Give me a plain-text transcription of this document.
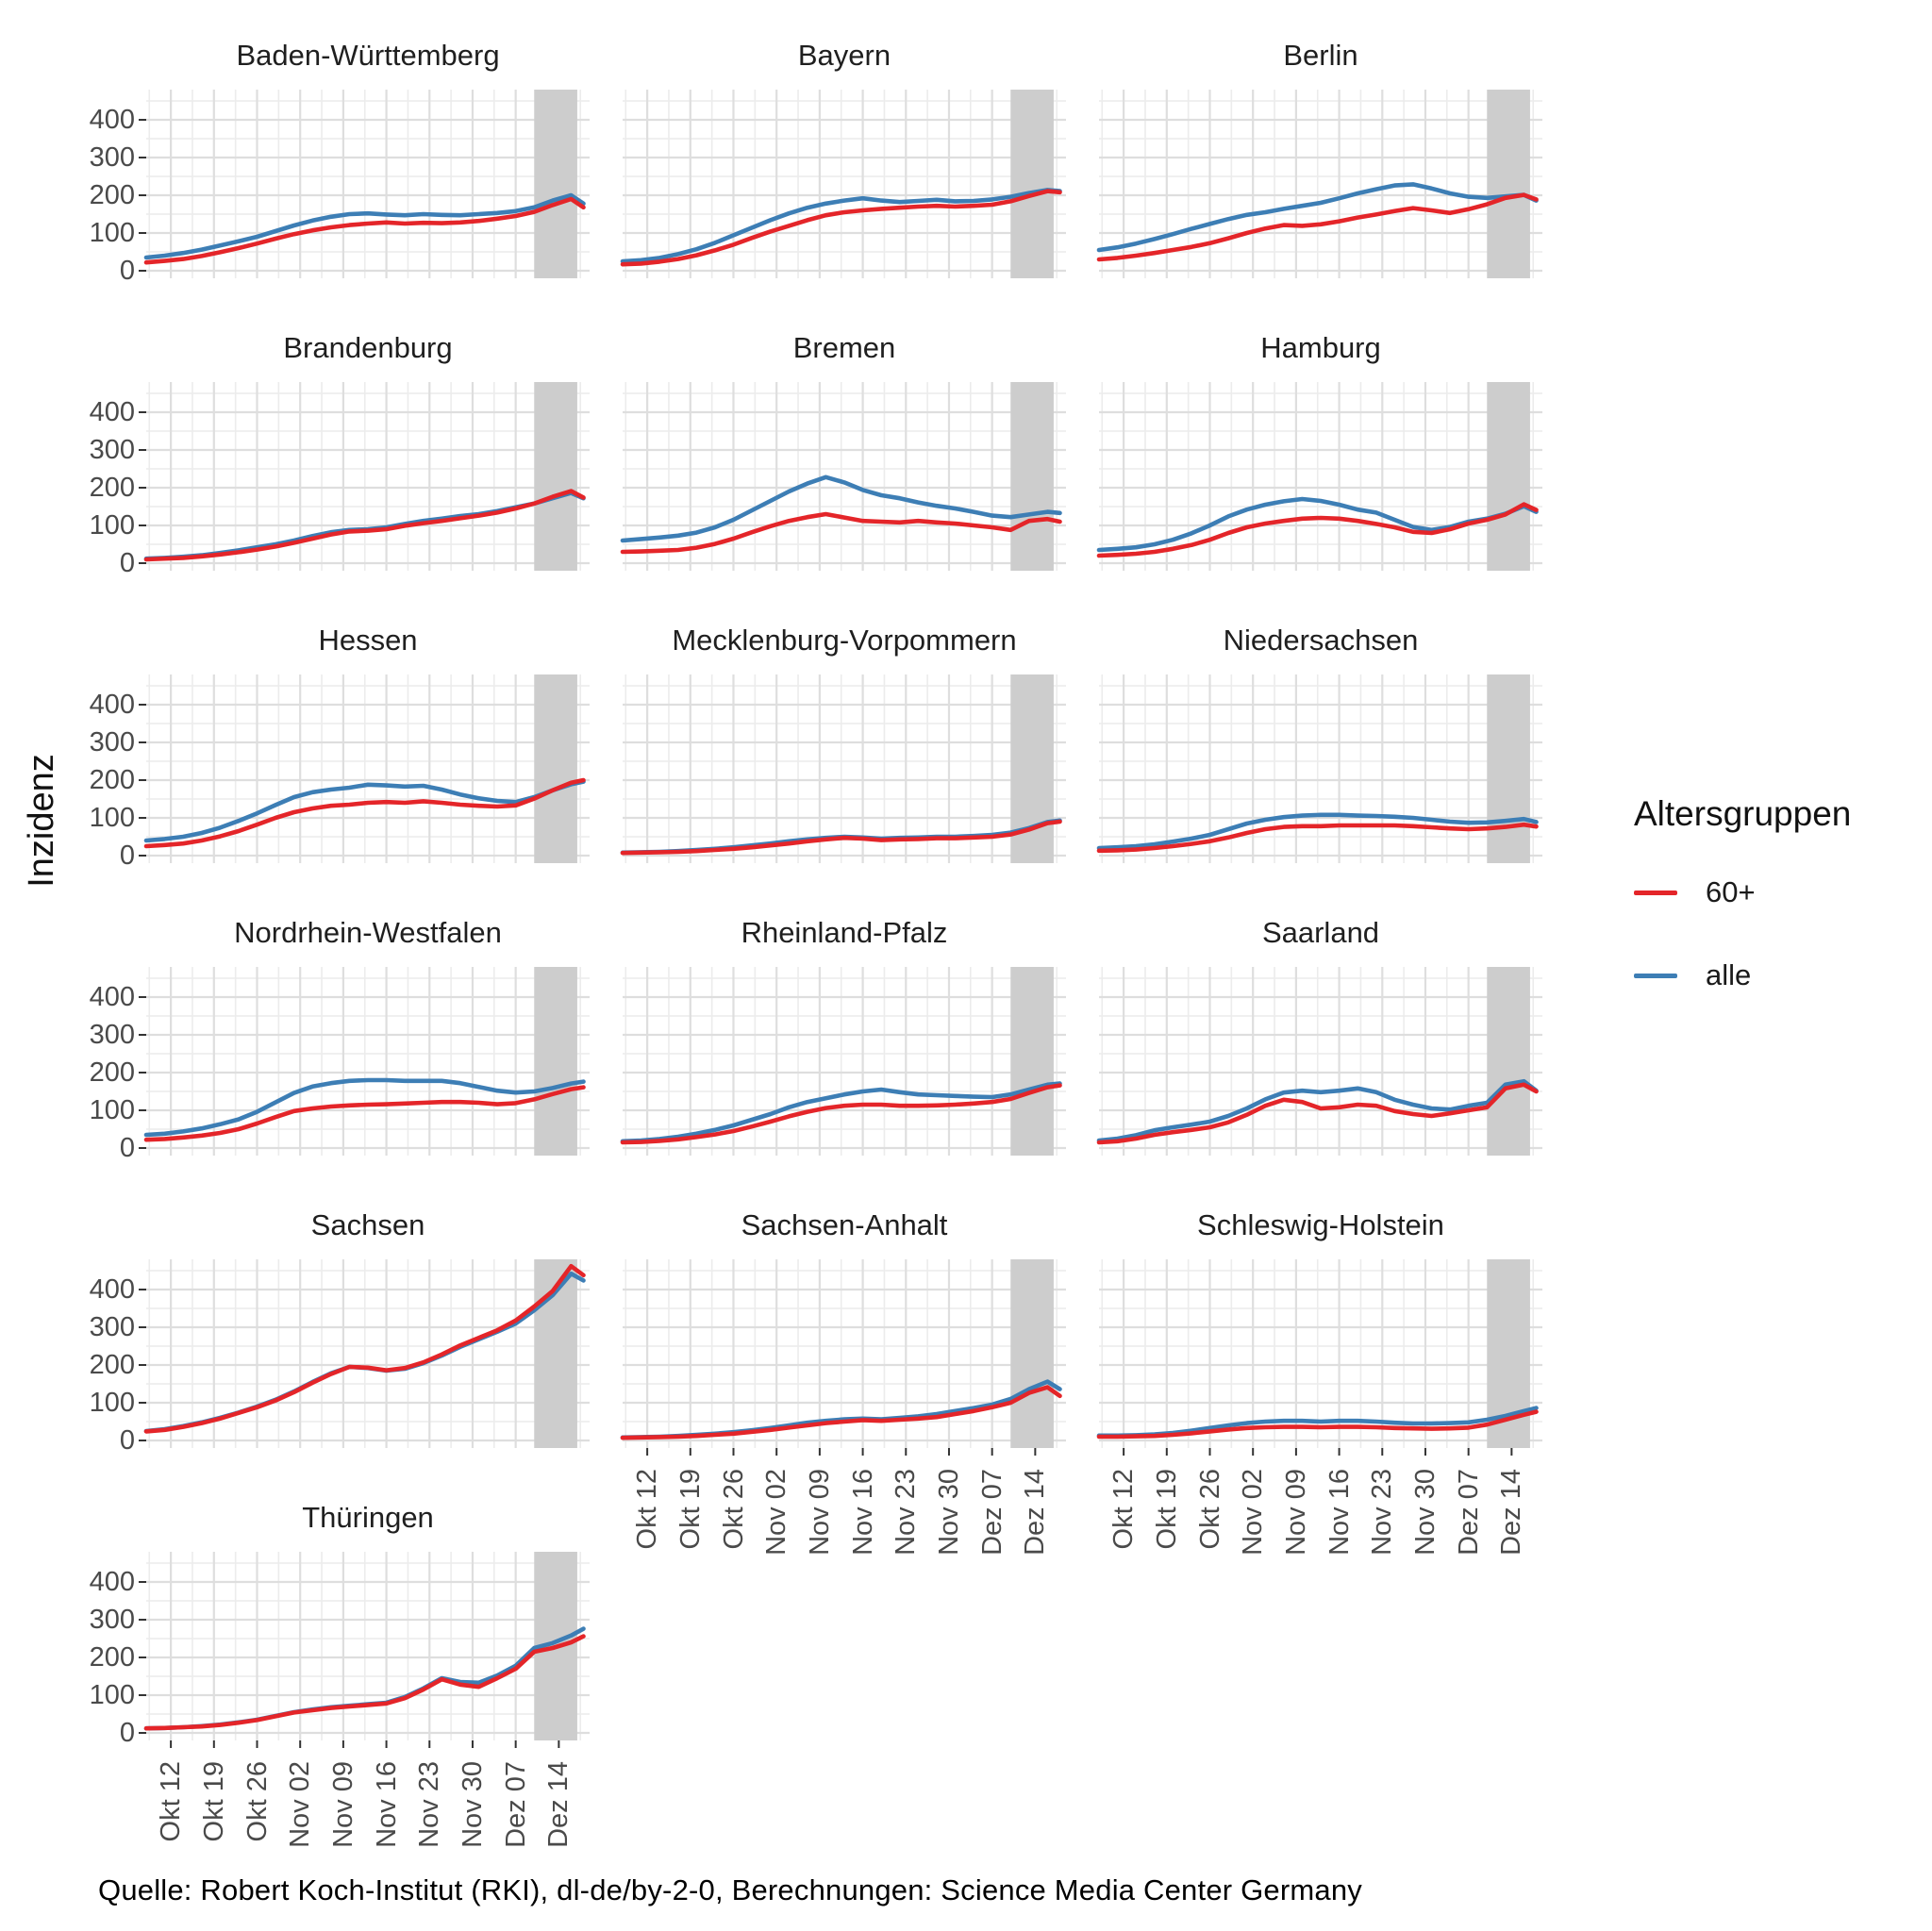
Inzidenz
Baden-Württemberg
0
100
200
300
400
Bayern	Berlin
Brandenburg
0
100
200
300
400
Bremen	Hamburg
Hessen
0
100
200
300
400
Mecklenburg-Vorpommern	Niedersachsen
Nordrhein-Westfalen
0
100
200
300
400
Rheinland-Pfalz	Saarland
Sachsen
0
100
200
300
400
Sachsen-Anhalt
Okt 12 Okt 19 Okt 26 Nov 02 Nov 09 Nov 16 Nov 23 Nov 30 Dez 07 Dez 14
Schleswig-Holstein
Okt 12 Okt 19 Okt 26 Nov 02 Nov 09 Nov 16 Nov 23 Nov 30 Dez 07 Dez 14
Thüringen
0
100
200
300
400
Okt 12 Okt 19 Okt 26 Nov 02 Nov 09 Nov 16 Nov 23 Nov 30 Dez 07 Dez 14
Altersgruppen
60+
alle
Quelle: Robert Koch-Institut (RKI), dl-de/by-2-0, Berechnungen: Science Media Center Germany
